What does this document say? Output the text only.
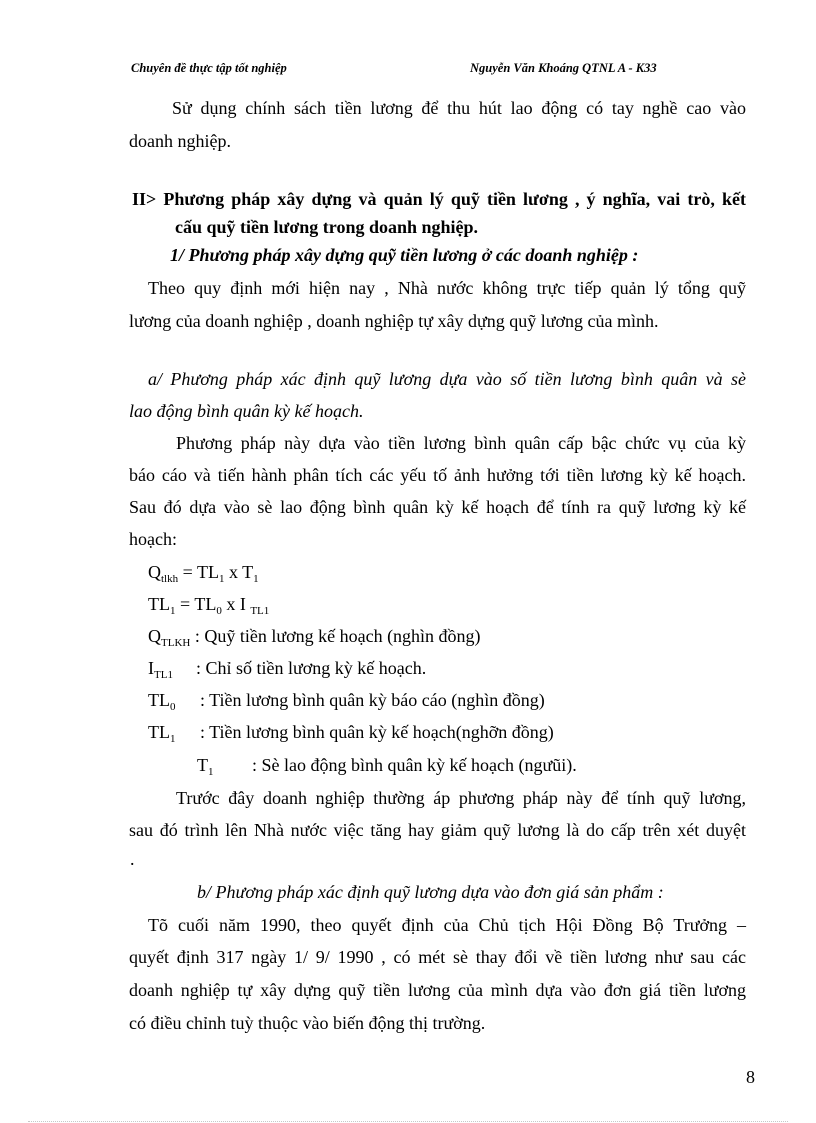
Chuyên đề thực tập tốt nghiệp	Nguyễn Văn Khoáng QTNL A - K33
Sử dụng chính sách tiền lương để thu hút lao động có tay nghề cao vào
doanh nghiệp.
II> Phương pháp xây dựng và quản lý quỹ tiền lương , ý nghĩa, vai trò, kết
cấu quỹ tiền lương trong doanh nghiệp.
1/ Phương pháp xây dựng quỹ tiền lương ở các doanh nghiệp :
Theo quy định mới hiện nay , Nhà nước không trực tiếp quản lý tổng quỹ
lương của doanh nghiệp , doanh nghiệp tự xây dựng quỹ lương của mình.
a/ Phương pháp xác định quỹ lương dựa vào số tiền lương bình quân và sè
lao động bình quân kỳ kế hoạch.
Phương pháp này dựa vào tiền lương bình quân cấp bậc chức vụ của kỳ
báo cáo và tiến hành phân tích các yếu tố ảnh hưởng tới tiền lương kỳ kế hoạch.
Sau đó dựa vào sè lao động bình quân kỳ kế hoạch để tính ra quỹ lương kỳ kế
hoạch:
$Q_{tlkh} = TL_1$ x $T_1$
$TL_1 = TL_0$ x I $_{TL1}$
$Q_{TLKH}$ : Quỹ tiền lương kế hoạch (nghìn đồng)
$I_{TL1}$ : Chỉ số tiền lương kỳ kế hoạch.
$TL_0$ : Tiền lương bình quân kỳ báo cáo (nghìn đồng)
$TL_1$ : Tiền lương bình quân kỳ kế hoạch(nghỡn đồng)
$T_1$ : Sè lao động bình quân kỳ kế hoạch (ngưũi).
Trước đây doanh nghiệp thường áp phương pháp này để tính quỹ lương,
sau đó trình lên Nhà nước việc tăng hay giảm quỹ lương là do cấp trên xét duyệt
.
b/ Phương pháp xác định quỹ lương dựa vào đơn giá sản phẩm :
Tõ cuối năm 1990, theo quyết định của Chủ tịch Hội Đồng Bộ Trưởng –
quyết định 317 ngày 1/ 9/ 1990 , có mét sè thay đổi về tiền lương như sau các
doanh nghiệp tự xây dựng quỹ tiền lương của mình dựa vào đơn giá tiền lương
có điều chỉnh tuỳ thuộc vào biến động thị trường.
8
